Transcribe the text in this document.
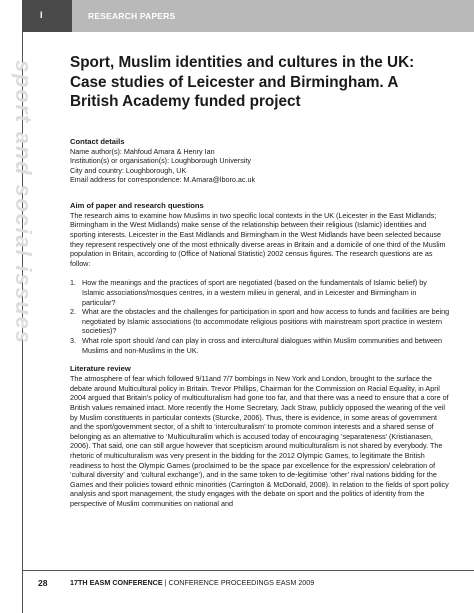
I	RESEARCH PAPERS
sport and social issues Sport, Muslim identities and cultures in the UK: Case studies of Leicester and Birmingham. A British Academy funded project

Contact details

Name author(s): Mahfoud Amara & Henry Ian

Institution(s) or organisation(s): Loughborough University

City and country: Loughborough, UK

Email address for correspondence: M.Amara@lboro.ac.uk

Aim of paper and research questions

The research aims to examine how Muslims in two specific local contexts in the UK (Leicester in the East Midlands; Birmingham in the West Midlands) make sense of the relationship between their religious (Islamic) identities and sporting interests. Leicester in the East Midlands and Birmingham in the West Midlands have been selected because they represent respectively one of the most ethnically diverse areas in Britain and a domicile of one third of the Muslim population in Britain, according to (Office of National Statistic) 2002 census figures. The research questions are as follow:

1. How the meanings and the practices of sport are negotiated (based on the fundamentals of Islamic belief) by Islamic associations/mosques centres, in a western milieu in general, and in Leicester and Birmingham in particular?
2. What are the obstacles and the challenges for participation in sport and how access to funds and facilities are being negotiated by Islamic associations (to accommodate religious positions with mainstream sport practice in western societies)?
3. What role sport should /and can play in cross and intercultural dialogues within Muslim communities and between Muslims and non-Muslims in the UK.

Literature review

The atmosphere of fear which followed 9/11and 7/7 bombings in New York and London, brought to the surface the debate around Multicultural policy in Britain. Trevor Phillips, Chairman for the Commission on Racial Equality, in April 2004 argued that Britain’s policy of multiculturalism had gone too far, and that there was a need to ensure that a core of British values remained intact. More recently the Home Secretary, Jack Straw, publicly opposed the wearing of the veil by Muslim constituents in particular contexts (Sturcke, 2006). Thus, there is evidence, in some areas of government and the sport/government sector, of a shift to ‘interculturalism’ to promote common interests and a shared sense of belonging as an alternative to ‘Multiculturalim which is accused today of encouraging ‘separateness’ (Kristianasen, 2006). That said, one can still argue however that scepticism around multiculturalism is not shared by everybody. The rhetoric of multiculturalism was very present in the bidding for the 2012 Olympic Games, to legitimate the British readiness to host the Olympic Games (proclaimed to be the space par excellence for the expression/ celebration of ‘cultural diversity’ and ‘cultural exchange’), and in the same token to de-legitimise ‘other’ rival nations bidding for the Games and their policies toward ethnic minorities (Carrington & McDonald, 2008). In relation to the fields of sport policy analysis and sport management, the study engages with the debate on sport and the politics of identity from the perspective of Muslim communities on national and

28	17TH EASM CONFERENCE | CONFERENCE PROCEEDINGS EASM 2009
